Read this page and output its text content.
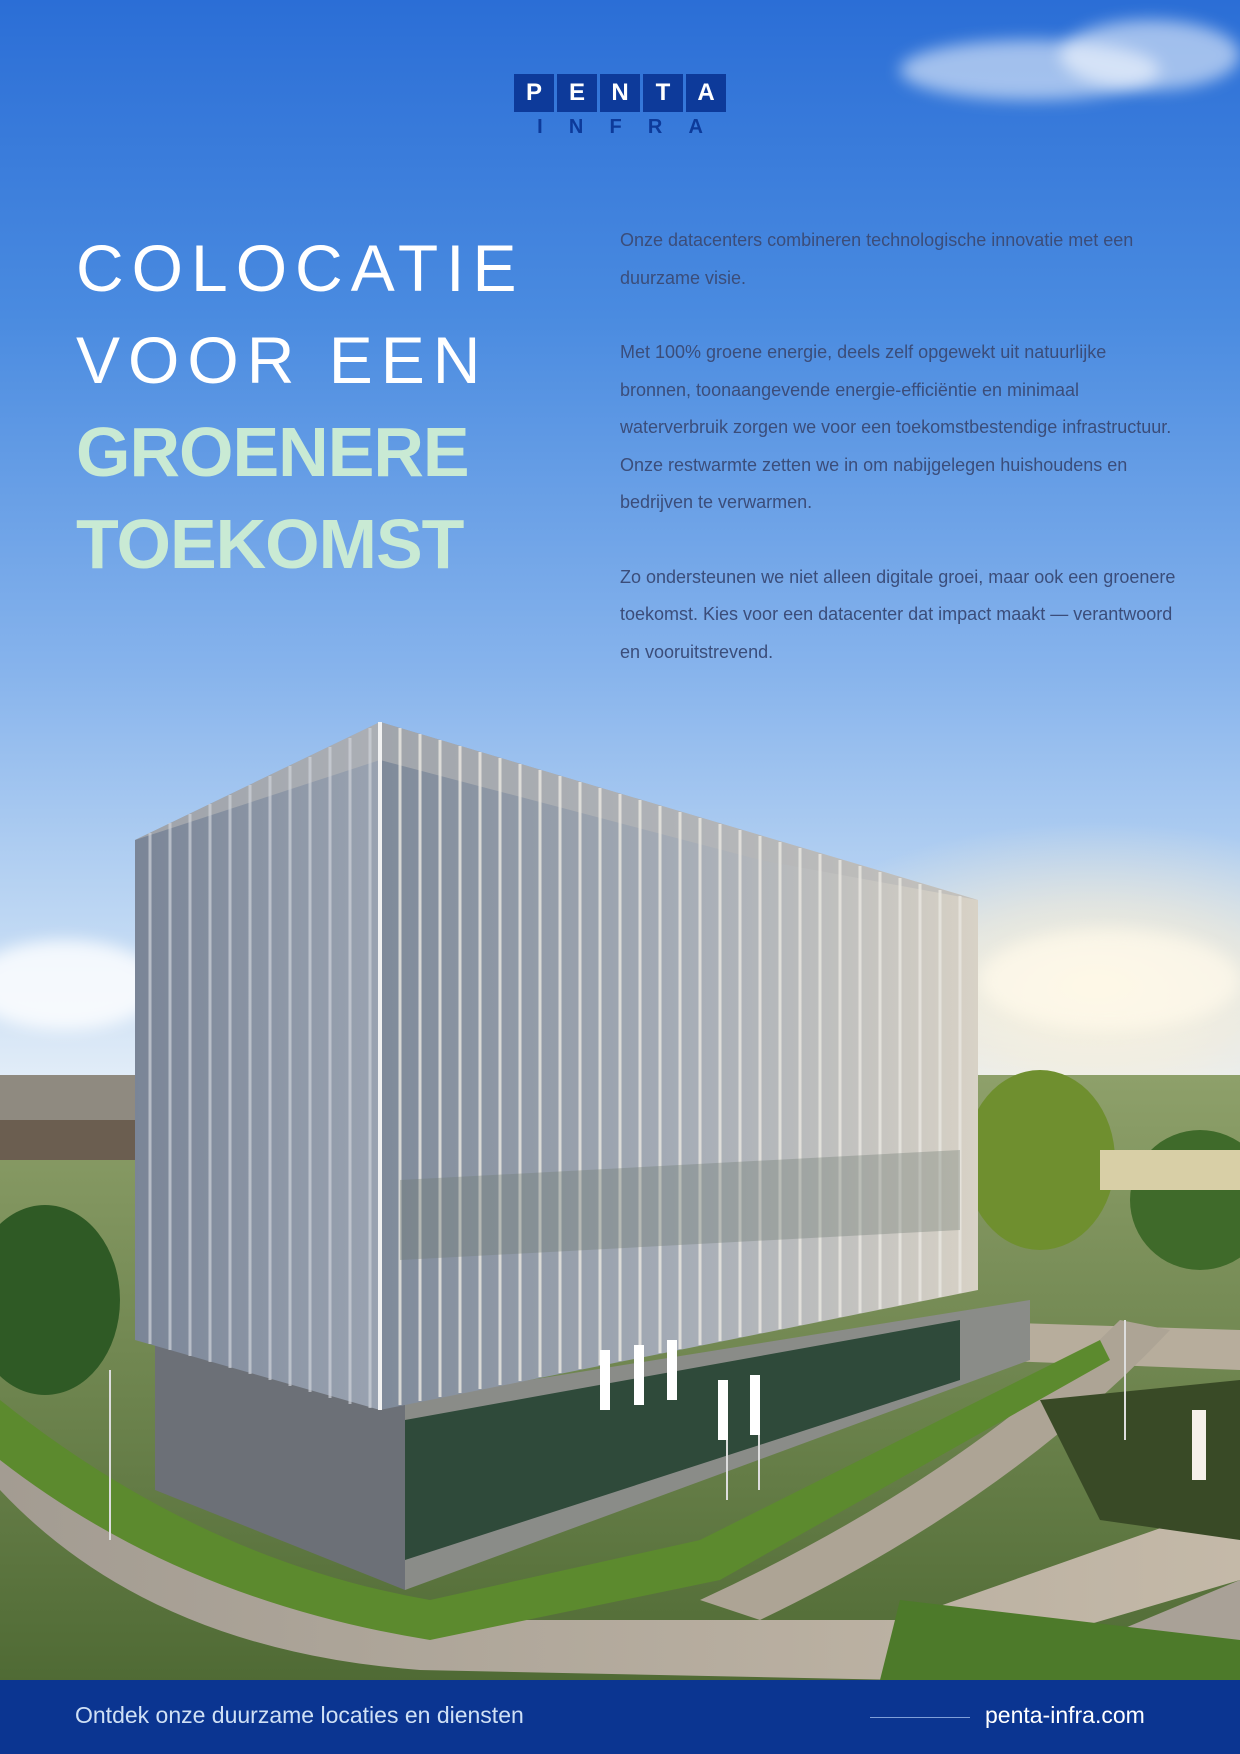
P	E	N	T	A
I N F R A
COLOCATIE
VOOR EEN
GROENERE
TOEKOMST

Onze datacenters combineren technologische innovatie met een duurzame visie.

Met 100% groene energie, deels zelf opgewekt uit natuurlijke bronnen, toonaangevende energie-efficiëntie en minimaal waterverbruik zorgen we voor een toekomstbestendige infrastructuur. Onze restwarmte zetten we in om nabijgelegen huishoudens en bedrijven te verwarmen.

Zo ondersteunen we niet alleen digitale groei, maar ook een groenere toekomst. Kies voor een datacenter dat impact maakt — verantwoord en vooruitstrevend.

Ontdek onze duurzame locaties en diensten	penta-infra.com
